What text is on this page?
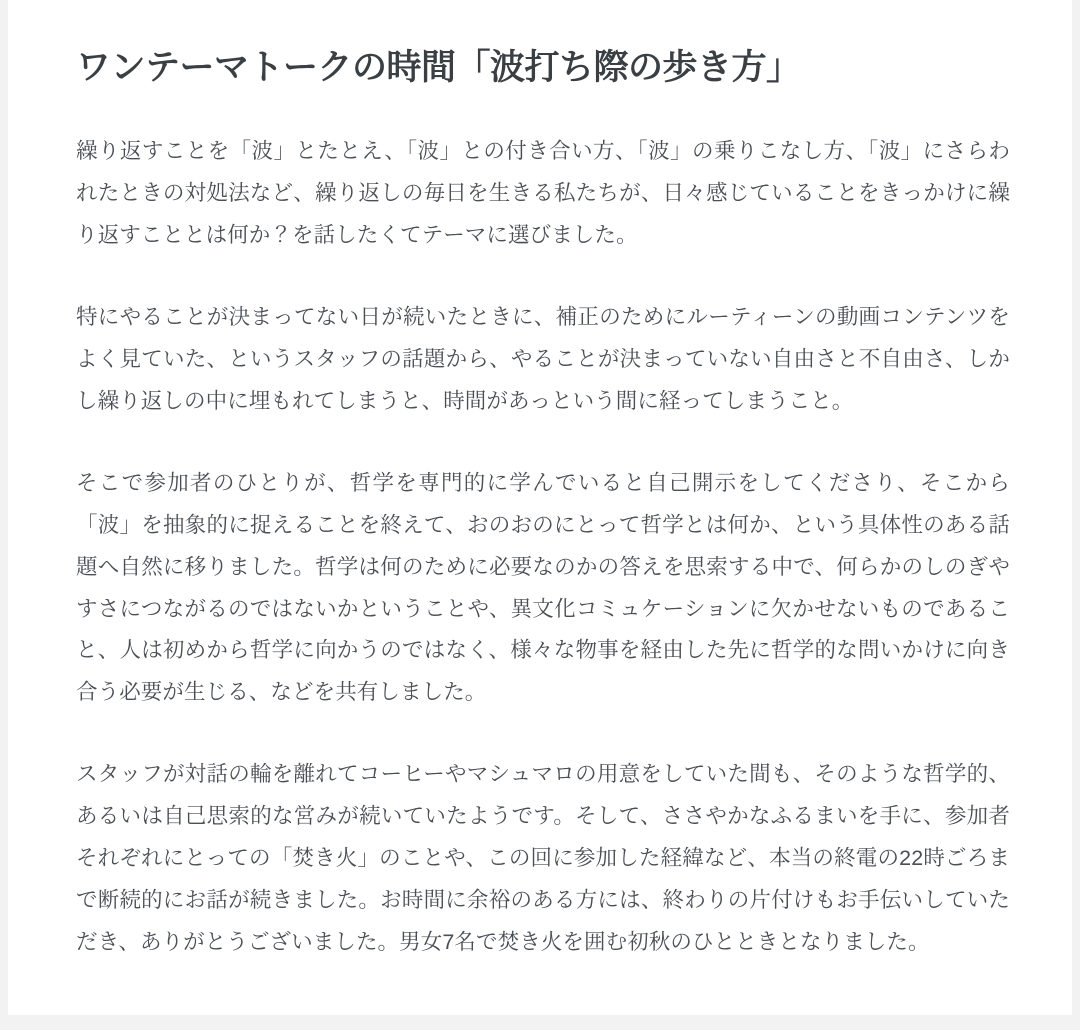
ワンテーマトークの時間「波打ち際の歩き方」

繰り返すことを「波」とたとえ、「波」との付き合い方、「波」の乗りこなし方、「波」にさらわれたときの対処法など、繰り返しの毎日を生きる私たちが、日々感じていることをきっかけに繰り返すこととは何か？を話したくてテーマに選びました。

特にやることが決まってない日が続いたときに、補正のためにルーティーンの動画コンテンツをよく見ていた、というスタッフの話題から、やることが決まっていない自由さと不自由さ、しかし繰り返しの中に埋もれてしまうと、時間があっという間に経ってしまうこと。

そこで参加者のひとりが、哲学を専門的に学んでいると自己開示をしてくださり、そこから「波」を抽象的に捉えることを終えて、おのおのにとって哲学とは何か、という具体性のある話題へ自然に移りました。哲学は何のために必要なのかの答えを思索する中で、何らかのしのぎやすさにつながるのではないかということや、異文化コミュケーションに欠かせないものであること、人は初めから哲学に向かうのではなく、様々な物事を経由した先に哲学的な問いかけに向き合う必要が生じる、などを共有しました。

スタッフが対話の輪を離れてコーヒーやマシュマロの用意をしていた間も、そのような哲学的、あるいは自己思索的な営みが続いていたようです。そして、ささやかなふるまいを手に、参加者それぞれにとっての「焚き火」のことや、この回に参加した経緯など、本当の終電の22時ごろまで断続的にお話が続きました。お時間に余裕のある方には、終わりの片付けもお手伝いしていただき、ありがとうございました。男女7名で焚き火を囲む初秋のひとときとなりました。
